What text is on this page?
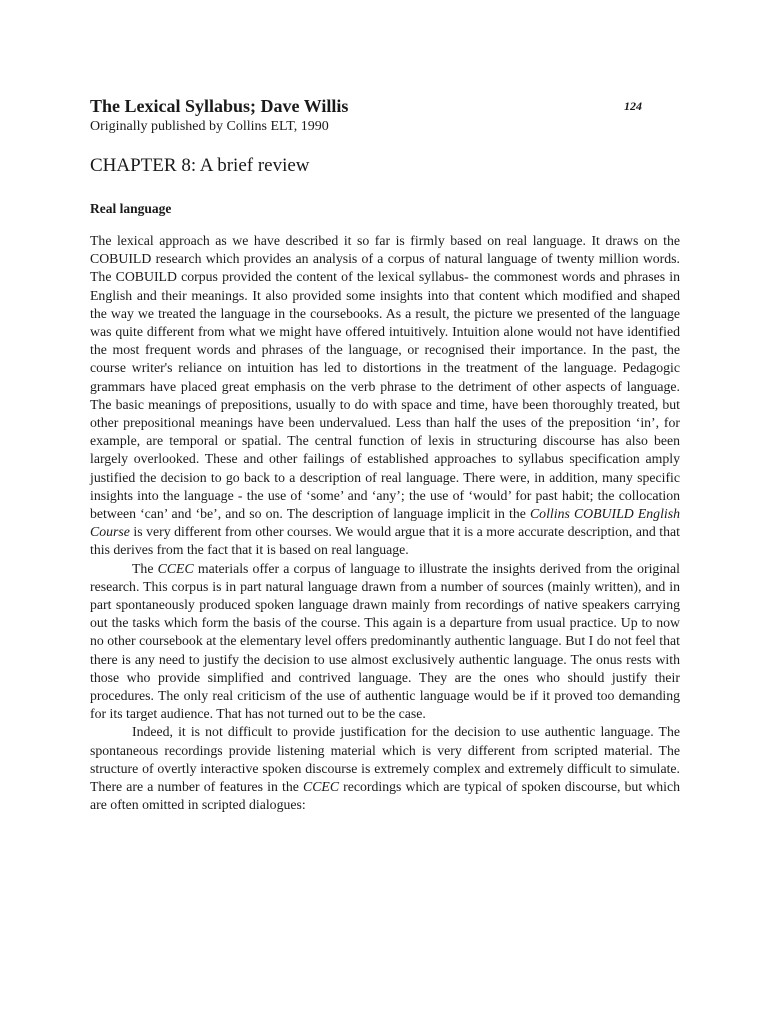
The Lexical Syllabus; Dave Willis	124
Originally published by Collins ELT, 1990
CHAPTER 8: A brief review
Real language

The lexical approach as we have described it so far is firmly based on real language. It draws on the COBUILD research which provides an analysis of a corpus of natural language of twenty million words. The COBUILD corpus provided the content of the lexical syllabus- the commonest words and phrases in English and their meanings. It also provided some insights into that content which modified and shaped the way we treated the language in the coursebooks. As a result, the picture we presented of the language was quite different from what we might have offered intuitively. Intuition alone would not have identified the most frequent words and phrases of the language, or recognised their importance. In the past, the course writer's reliance on intuition has led to distortions in the treatment of the language. Pedagogic grammars have placed great emphasis on the verb phrase to the detriment of other aspects of language. The basic meanings of prepositions, usually to do with space and time, have been thoroughly treated, but other prepositional meanings have been undervalued. Less than half the uses of the preposition ‘in’, for example, are temporal or spatial. The central function of lexis in structuring discourse has also been largely overlooked. These and other failings of established approaches to syllabus specification amply justified the decision to go back to a description of real language. There were, in addition, many specific insights into the language - the use of ‘some’ and ‘any’; the use of ‘would’ for past habit; the collocation between ‘can’ and ‘be’, and so on. The description of language implicit in the Collins COBUILD English Course is very different from other courses. We would argue that it is a more accurate description, and that this derives from the fact that it is based on real language.

The CCEC materials offer a corpus of language to illustrate the insights derived from the original research. This corpus is in part natural language drawn from a number of sources (mainly written), and in part spontaneously produced spoken language drawn mainly from recordings of native speakers carrying out the tasks which form the basis of the course. This again is a departure from usual practice. Up to now no other coursebook at the elementary level offers predominantly authentic language. But I do not feel that there is any need to justify the decision to use almost exclusively authentic language. The onus rests with those who provide simplified and contrived language. They are the ones who should justify their procedures. The only real criticism of the use of authentic language would be if it proved too demanding for its target audience. That has not turned out to be the case.

Indeed, it is not difficult to provide justification for the decision to use authentic language. The spontaneous recordings provide listening material which is very different from scripted material. The structure of overtly interactive spoken discourse is extremely complex and extremely difficult to simulate. There are a number of features in the CCEC recordings which are typical of spoken discourse, but which are often omitted in scripted dialogues:
